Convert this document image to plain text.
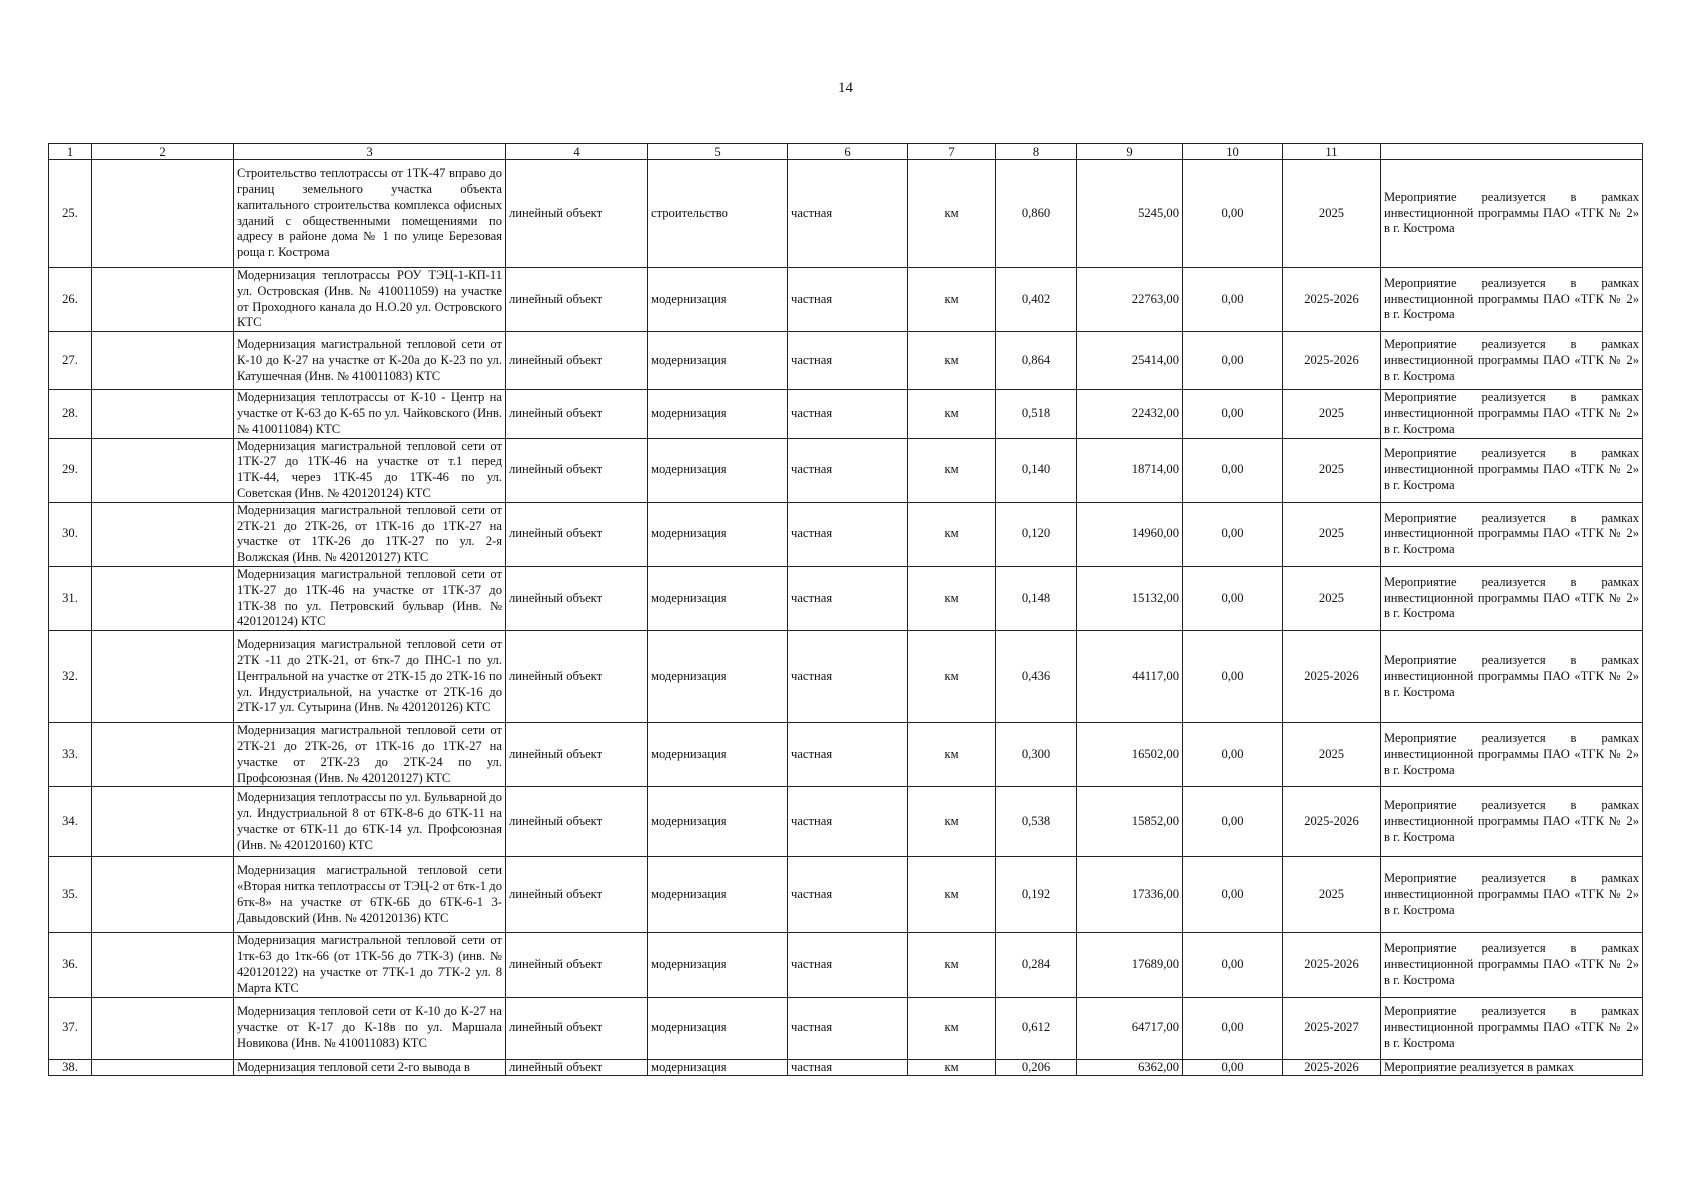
14
1	2	3	4	5	6	7	8	9	10	11	
25.		Строительство теплотрассы от 1ТК-47 вправо до границ земельного участка объекта капитального строительства комплекса офисных зданий с общественными помещениями по адресу в районе дома № 1 по улице Березовая роща г. Кострома	линейный объект	строительство	частная	км	0,860	5245,00	0,00	2025	Мероприятие реализуется в рамках инвестиционной программы ПАО «ТГК № 2» в г. Кострома
26.		Модернизация теплотрассы РОУ ТЭЦ-1-КП-11 ул. Островская (Инв. № 410011059) на участке от Проходного канала до Н.О.20 ул. Островского КТС	линейный объект	модернизация	частная	км	0,402	22763,00	0,00	2025-2026	Мероприятие реализуется в рамках инвестиционной программы ПАО «ТГК № 2» в г. Кострома
27.		Модернизация магистральной тепловой сети от К-10 до К-27 на участке от К-20а до К-23 по ул. Катушечная (Инв. № 410011083) КТС	линейный объект	модернизация	частная	км	0,864	25414,00	0,00	2025-2026	Мероприятие реализуется в рамках инвестиционной программы ПАО «ТГК № 2» в г. Кострома
28.		Модернизация теплотрассы от К-10 - Центр на участке от К-63 до К-65 по ул. Чайковского (Инв. № 410011084) КТС	линейный объект	модернизация	частная	км	0,518	22432,00	0,00	2025	Мероприятие реализуется в рамках инвестиционной программы ПАО «ТГК № 2» в г. Кострома
29.		Модернизация магистральной тепловой сети от 1ТК-27 до 1ТК-46 на участке от т.1 перед 1ТК-44, через 1ТК-45 до 1ТК-46 по ул. Советская (Инв. № 420120124) КТС	линейный объект	модернизация	частная	км	0,140	18714,00	0,00	2025	Мероприятие реализуется в рамках инвестиционной программы ПАО «ТГК № 2» в г. Кострома
30.		Модернизация магистральной тепловой сети от 2ТК-21 до 2ТК-26, от 1ТК-16 до 1ТК-27 на участке от 1ТК-26 до 1ТК-27 по ул. 2-я Волжская (Инв. № 420120127) КТС	линейный объект	модернизация	частная	км	0,120	14960,00	0,00	2025	Мероприятие реализуется в рамках инвестиционной программы ПАО «ТГК № 2» в г. Кострома
31.		Модернизация магистральной тепловой сети от 1ТК-27 до 1ТК-46 на участке от 1ТК-37 до 1ТК-38 по ул. Петровский бульвар (Инв. № 420120124) КТС	линейный объект	модернизация	частная	км	0,148	15132,00	0,00	2025	Мероприятие реализуется в рамках инвестиционной программы ПАО «ТГК № 2» в г. Кострома
32.		Модернизация магистральной тепловой сети от 2ТК -11 до 2ТК-21, от 6тк-7 до ПНС-1 по ул. Центральной на участке от 2ТК-15 до 2ТК-16 по ул. Индустриальной, на участке от 2ТК-16 до 2ТК-17 ул. Сутырина (Инв. № 420120126) КТС	линейный объект	модернизация	частная	км	0,436	44117,00	0,00	2025-2026	Мероприятие реализуется в рамках инвестиционной программы ПАО «ТГК № 2» в г. Кострома
33.		Модернизация магистральной тепловой сети от 2ТК-21 до 2ТК-26, от 1ТК-16 до 1ТК-27 на участке от 2ТК-23 до 2ТК-24 по ул. Профсоюзная (Инв. № 420120127) КТС	линейный объект	модернизация	частная	км	0,300	16502,00	0,00	2025	Мероприятие реализуется в рамках инвестиционной программы ПАО «ТГК № 2» в г. Кострома
34.		Модернизация теплотрассы по ул. Бульварной до ул. Индустриальной 8 от 6ТК-8-6 до 6ТК-11 на участке от 6ТК-11 до 6ТК-14 ул. Профсоюзная (Инв. № 420120160) КТС	линейный объект	модернизация	частная	км	0,538	15852,00	0,00	2025-2026	Мероприятие реализуется в рамках инвестиционной программы ПАО «ТГК № 2» в г. Кострома
35.		Модернизация магистральной тепловой сети «Вторая нитка теплотрассы от ТЭЦ-2 от 6тк-1 до 6тк-8» на участке от 6ТК-6Б до 6ТК-6-1 3-Давыдовский (Инв. № 420120136) КТС	линейный объект	модернизация	частная	км	0,192	17336,00	0,00	2025	Мероприятие реализуется в рамках инвестиционной программы ПАО «ТГК № 2» в г. Кострома
36.		Модернизация магистральной тепловой сети от 1тк-63 до 1тк-66 (от 1ТК-56 до 7ТК-3) (инв. № 420120122) на участке от 7ТК-1 до 7ТК-2 ул. 8 Марта КТС	линейный объект	модернизация	частная	км	0,284	17689,00	0,00	2025-2026	Мероприятие реализуется в рамках инвестиционной программы ПАО «ТГК № 2» в г. Кострома
37.		Модернизация тепловой сети от К-10 до К-27 на участке от К-17 до К-18в по ул. Маршала Новикова (Инв. № 410011083) КТС	линейный объект	модернизация	частная	км	0,612	64717,00	0,00	2025-2027	Мероприятие реализуется в рамках инвестиционной программы ПАО «ТГК № 2» в г. Кострома
38.		Модернизация тепловой сети 2-го вывода в	линейный объект	модернизация	частная	км	0,206	6362,00	0,00	2025-2026	Мероприятие реализуется в рамках
